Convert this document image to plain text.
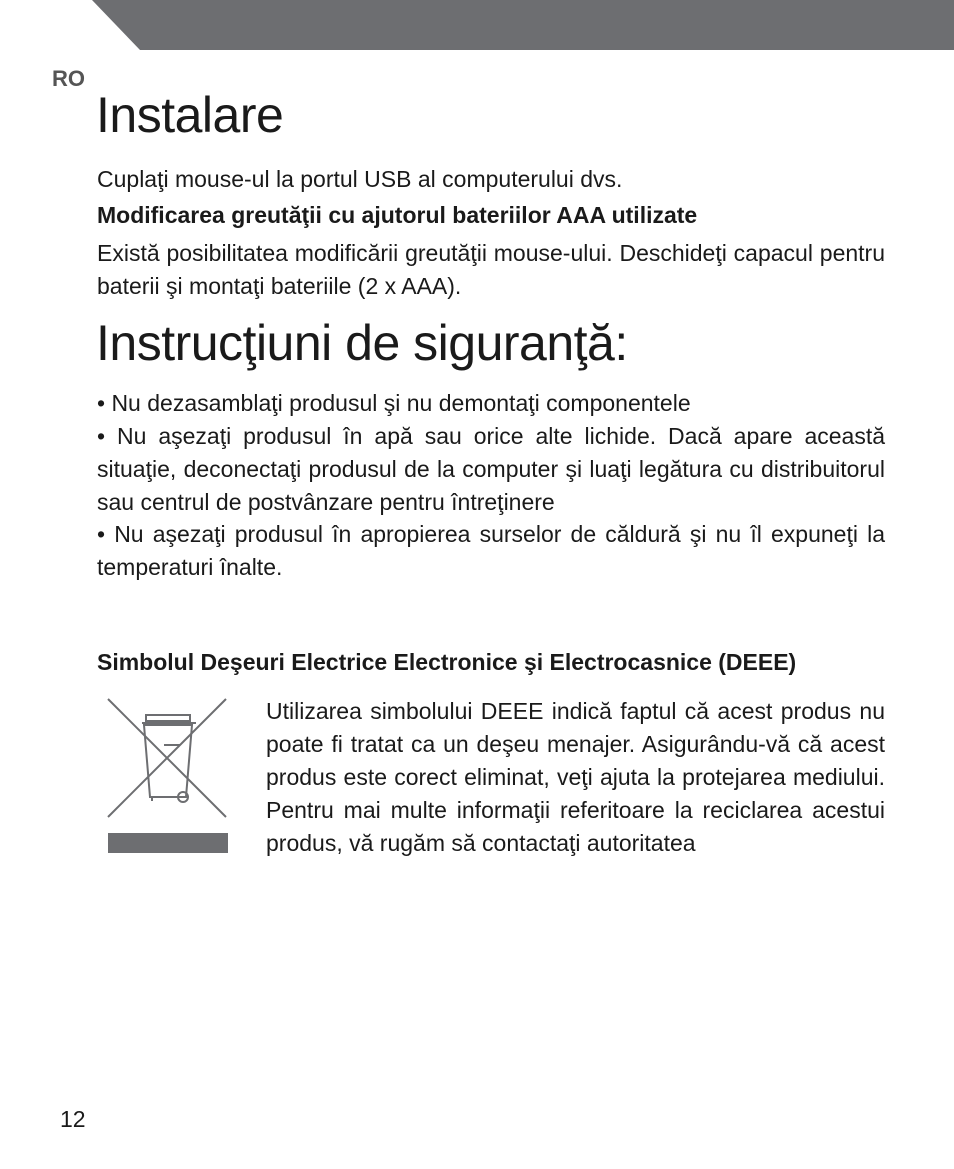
RO
Instalare

Cuplaţi mouse-ul la portul USB al computerului dvs.

Modificarea greutăţii cu ajutorul bateriilor AAA utilizate

Există posibilitatea modificării greutăţii mouse-ului. Deschideţi capacul pentru baterii şi montaţi bateriile (2 x AAA).

Instrucţiuni de siguranţă:

• Nu dezasamblaţi produsul şi nu demontaţi componentele

• Nu aşezaţi produsul în apă sau orice alte lichide. Dacă apare această situaţie, deconectaţi produsul de la computer şi luaţi legătura cu distribuitorul sau centrul de postvânzare pentru întreţinere

• Nu aşezaţi produsul în apropierea surselor de căldură şi nu îl expuneţi la temperaturi înalte.

Simbolul Deşeuri Electrice Electronice şi Electrocasnice (DEEE)

Utilizarea simbolului DEEE indică faptul că acest produs nu poate fi tratat ca un deşeu menajer. Asigurându-vă că acest produs este corect eliminat, veţi ajuta la protejarea mediului. Pentru mai multe informaţii referitoare la reciclarea acestui produs, vă rugăm să contactaţi autoritatea

12
